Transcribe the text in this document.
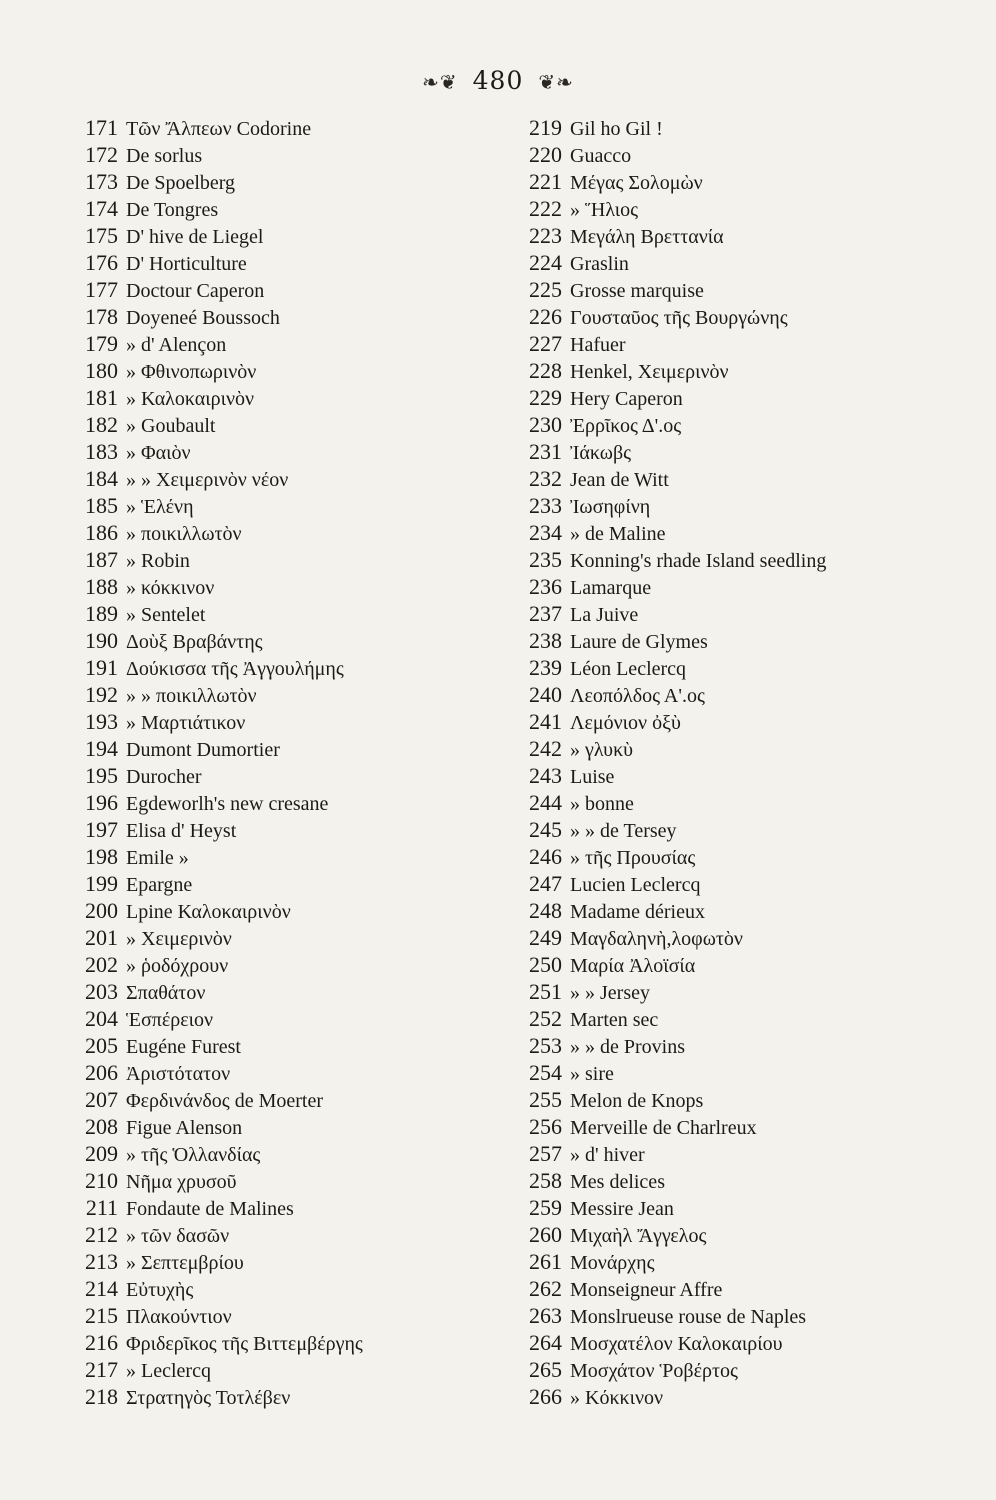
❧❦ 480 ❦❧
171 Τῶν Ἄλπεων Codorine
172 De sorlus
173 De Spoelberg
174 De Tongres
175 D' hive de Liegel
176 D' Horticulture
177 Doctour Caperon
178 Doyeneé Boussoch
179 » d' Alençon
180 » Φθινοπωρινὸν
181 » Καλοκαιρινὸν
182 » Goubault
183 » Φαιὸν
184 » » Χειμερινὸν νέον
185 » Ἑλένη
186 » ποικιλλωτὸν
187 » Robin
188 » κόκκινον
189 » Sentelet
190 Δοὺξ Βραβάντης
191 Δούκισσα τῆς Ἀγγουλήμης
192 » » ποικιλλωτὸν
193 » Μαρτιάτικον
194 Dumont Dumortier
195 Durocher
196 Egdeworlh's new cresane
197 Elisa d' Heyst
198 Emile »
199 Epargne
200 Lpine Καλοκαιρινὸν
201 » Χειμερινὸν
202 » ῥοδόχρουν
203 Σπαθάτον
204 Ἑσπέρειον
205 Eugéne Furest
206 Ἀριστότατον
207 Φερδινάνδος de Moerter
208 Figue Alenson
209 » τῆς Ὁλλανδίας
210 Νῆμα χρυσοῦ
211 Fondaute de Malines
212 » τῶν δασῶν
213 » Σεπτεμβρίου
214 Εὐτυχὴς
215 Πλακούντιον
216 Φριδερῖκος τῆς Βιττεμβέργης
217 » Leclercq
218 Στρατηγὸς Τοτλέβεν
219 Gil ho Gil !
220 Guacco
221 Μέγας Σολομὼν
222 » Ἥλιος
223 Μεγάλη Βρεττανία
224 Graslin
225 Grosse marquise
226 Γουσταῦος τῆς Βουργώνης
227 Hafuer
228 Henkel, Χειμερινὸν
229 Hery Caperon
230 Ἐρρῖκος Δ'.ος
231 Ἰάκωβς
232 Jean de Witt
233 Ἰωσηφίνη
234 » de Maline
235 Konning's rhade Island seedling
236 Lamarque
237 La Juive
238 Laure de Glymes
239 Léon Leclercq
240 Λεοπόλδος Α'.ος
241 Λεμόνιον ὀξὺ
242 » γλυκὺ
243 Luise
244 » bonne
245 » » de Tersey
246 » τῆς Προυσίας
247 Lucien Leclercq
248 Madame dérieux
249 Μαγδαληνὴ,λοφωτὸν
250 Μαρία Ἀλοϊσία
251 » » Jersey
252 Marten sec
253 » » de Provins
254 » sire
255 Melon de Knops
256 Merveille de Charlreux
257 » d' hiver
258 Mes delices
259 Messire Jean
260 Μιχαὴλ Ἄγγελος
261 Μονάρχης
262 Monseigneur Affre
263 Monslrueuse rouse de Naples
264 Μοσχατέλον Καλοκαιρίου
265 Μοσχάτον Ῥοβέρτος
266 » Κόκκινον
